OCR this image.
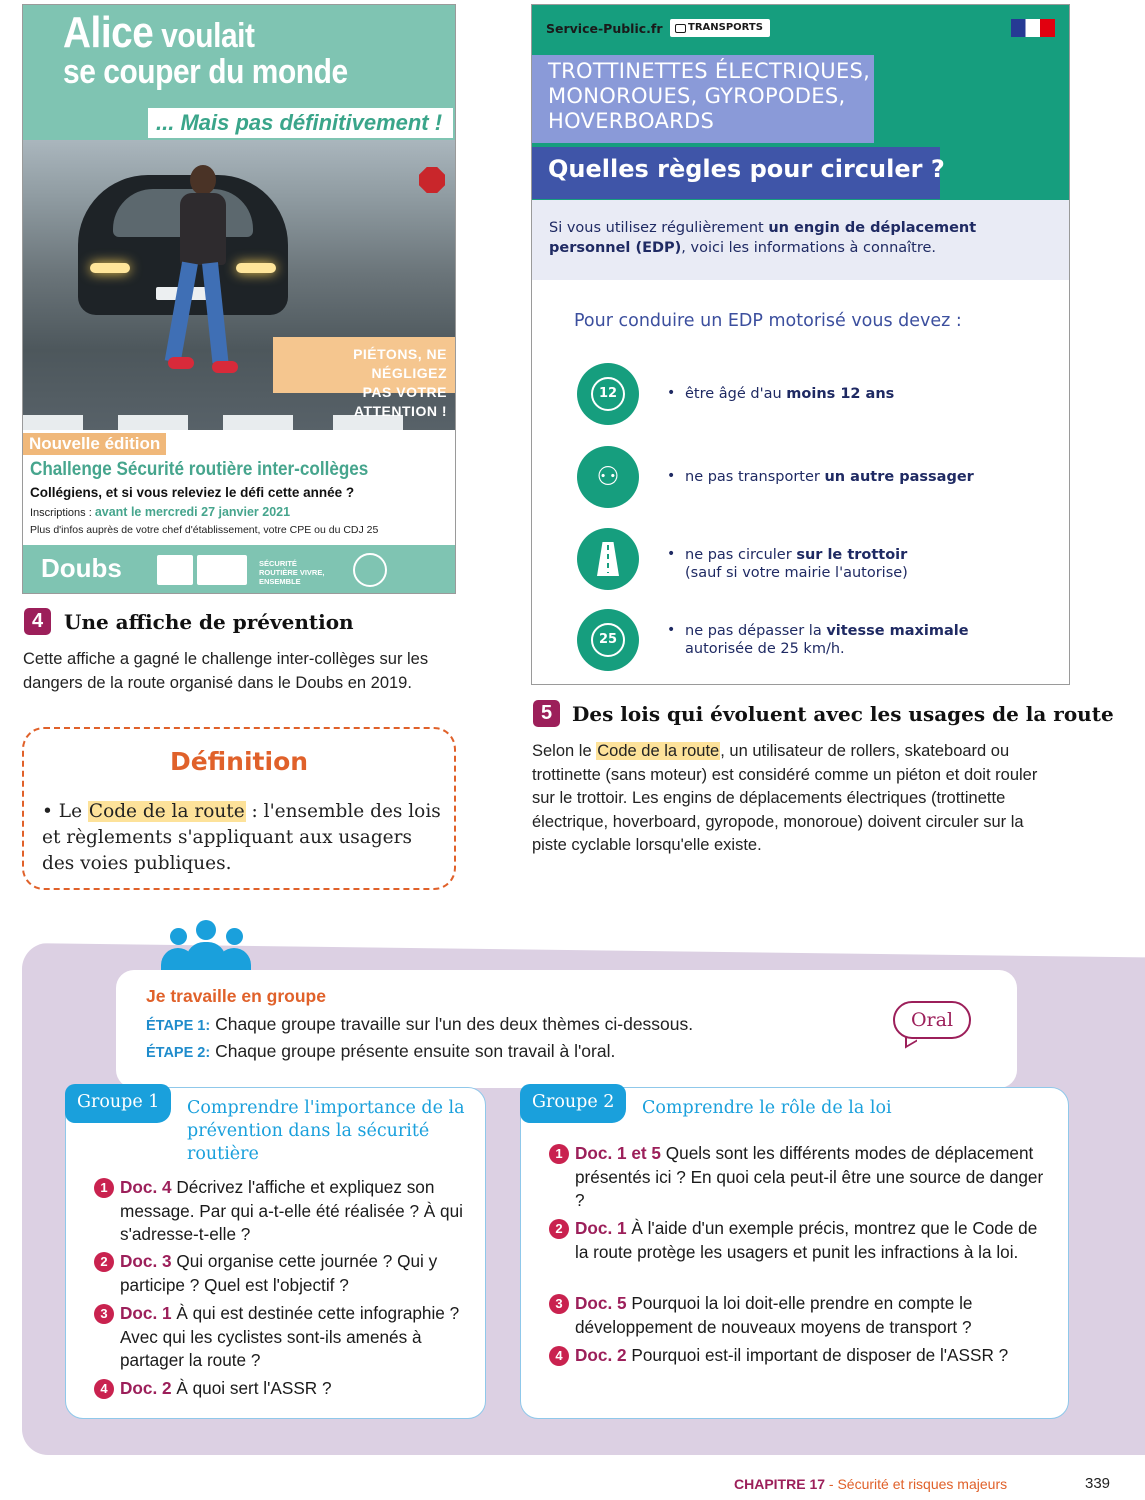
Alice voulait
se couper du monde
... Mais pas définitivement !
PIÉTONS, NE NÉGLIGEZ
PAS VOTRE ATTENTION !
Nouvelle édition
Challenge Sécurité routière inter-collèges
Collégiens, et si vous releviez le défi cette année ?
Inscriptions : avant le mercredi 27 janvier 2021
Plus d'infos auprès de votre chef d'établissement, votre CPE ou du CDJ 25
Doubs	SÉCURITÉ
ROUTIÈRE VIVRE,
ENSEMBLE
4	Une affiche de prévention
Cette affiche a gagné le challenge inter-collèges sur les dangers de la route organisé dans le Doubs en 2019.
Définition
• Le Code de la route : l'ensemble des lois et règlements s'appliquant aux usagers des voies publiques.
Service-Public.fr	TRANSPORTS
TROTTINETTES ÉLECTRIQUES,
MONOROUES, GYROPODES,
HOVERBOARDS
Quelles règles pour circuler ?
Si vous utilisez régulièrement un engin de déplacement personnel (EDP), voici les informations à connaître.
Pour conduire un EDP motorisé vous devez :
12	• être âgé d'au moins 12 ans
⚇	• ne pas transporter un autre passager
• ne pas circuler sur le trottoir
(sauf si votre mairie l'autorise)
25
• ne pas dépasser la vitesse maximale
autorisée de 25 km/h.
5 Des lois qui évoluent avec les usages de la route
Selon le Code de la route, un utilisateur de rollers, skateboard ou trottinette (sans moteur) est considéré comme un piéton et doit rouler sur le trottoir. Les engins de déplacements électriques (trottinette électrique, hoverboard, gyropode, monoroue) doivent circuler sur la piste cyclable lorsqu'elle existe.
Je travaille en groupe
ÉTAPE 1: Chaque groupe travaille sur l'un des deux thèmes ci-dessous.
ÉTAPE 2: Chaque groupe présente ensuite son travail à l'oral.
Oral
Groupe 1	Comprendre l'importance de la prévention dans la sécurité routière
1 Doc. 4 Décrivez l'affiche et expliquez son message. Par qui a-t-elle été réalisée ? À qui s'adresse-t-elle ?
2 Doc. 3 Qui organise cette journée ? Qui y participe ? Quel est l'objectif ?
3 Doc. 1 À qui est destinée cette infographie ? Avec qui les cyclistes sont-ils amenés à partager la route ?
4 Doc. 2 À quoi sert l'ASSR ?
Groupe 2	Comprendre le rôle de la loi
1 Doc. 1 et 5 Quels sont les différents modes de déplacement présentés ici ? En quoi cela peut-il être une source de danger ?
2 Doc. 1 À l'aide d'un exemple précis, montrez que le Code de la route protège les usagers et punit les infractions à la loi.
3 Doc. 5 Pourquoi la loi doit-elle prendre en compte le développement de nouveaux moyens de transport ?
4 Doc. 2 Pourquoi est-il important de disposer de l'ASSR ?
CHAPITRE 17 - Sécurité et risques majeurs	339
